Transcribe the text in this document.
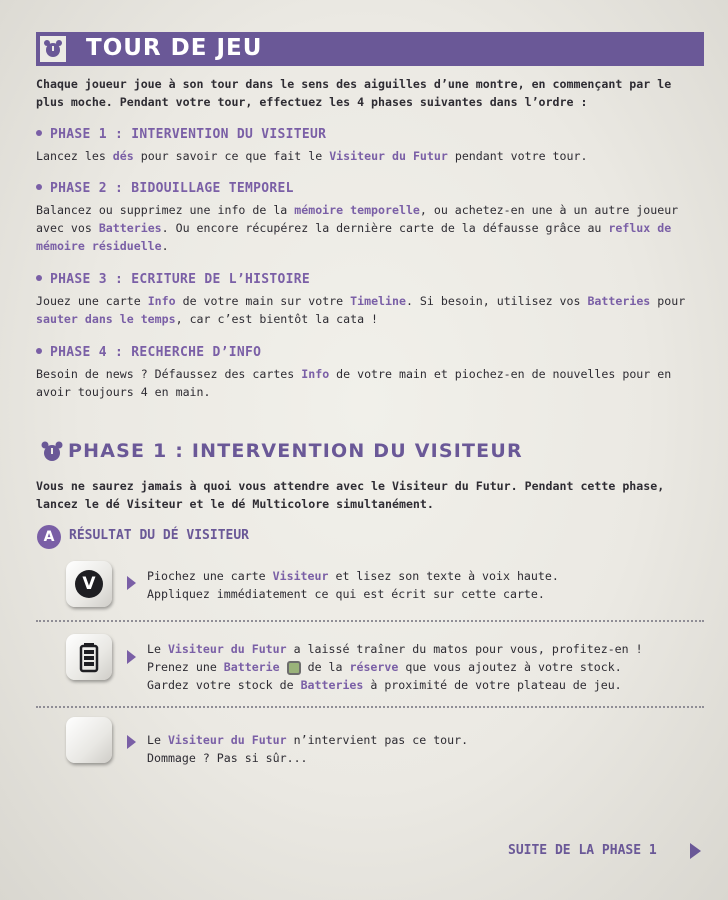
TOUR DE JEU
Chaque joueur joue à son tour dans le sens des aiguilles d’une montre, en commençant par le
plus moche. Pendant votre tour, effectuez les 4 phases suivantes dans l’ordre :
PHASE 1 : INTERVENTION DU VISITEUR
Lancez les dés pour savoir ce que fait le Visiteur du Futur pendant votre tour.
PHASE 2 : BIDOUILLAGE TEMPOREL
Balancez ou supprimez une info de la mémoire temporelle, ou achetez-en une à un autre joueur
avec vos Batteries. Ou encore récupérez la dernière carte de la défausse grâce au reflux de
mémoire résiduelle.
PHASE 3 : ECRITURE DE L’HISTOIRE
Jouez une carte Info de votre main sur votre Timeline. Si besoin, utilisez vos Batteries pour
sauter dans le temps, car c’est bientôt la cata !
PHASE 4 : RECHERCHE D’INFO
Besoin de news ? Défaussez des cartes Info de votre main et piochez-en de nouvelles pour en
avoir toujours 4 en main.
PHASE 1 : INTERVENTION DU VISITEUR
Vous ne saurez jamais à quoi vous attendre avec le Visiteur du Futur. Pendant cette phase,
lancez le dé Visiteur et le dé Multicolore simultanément.
A	RÉSULTAT DU DÉ VISITEUR
V	Piochez une carte Visiteur et lisez son texte à voix haute.
Appliquez immédiatement ce qui est écrit sur cette carte.
Le Visiteur du Futur a laissé traîner du matos pour vous, profitez-en !
Prenez une Batterie  de la réserve que vous ajoutez à votre stock.
Gardez votre stock de Batteries à proximité de votre plateau de jeu.
Le Visiteur du Futur n’intervient pas ce tour.
Dommage ? Pas si sûr...
SUITE DE LA PHASE 1
